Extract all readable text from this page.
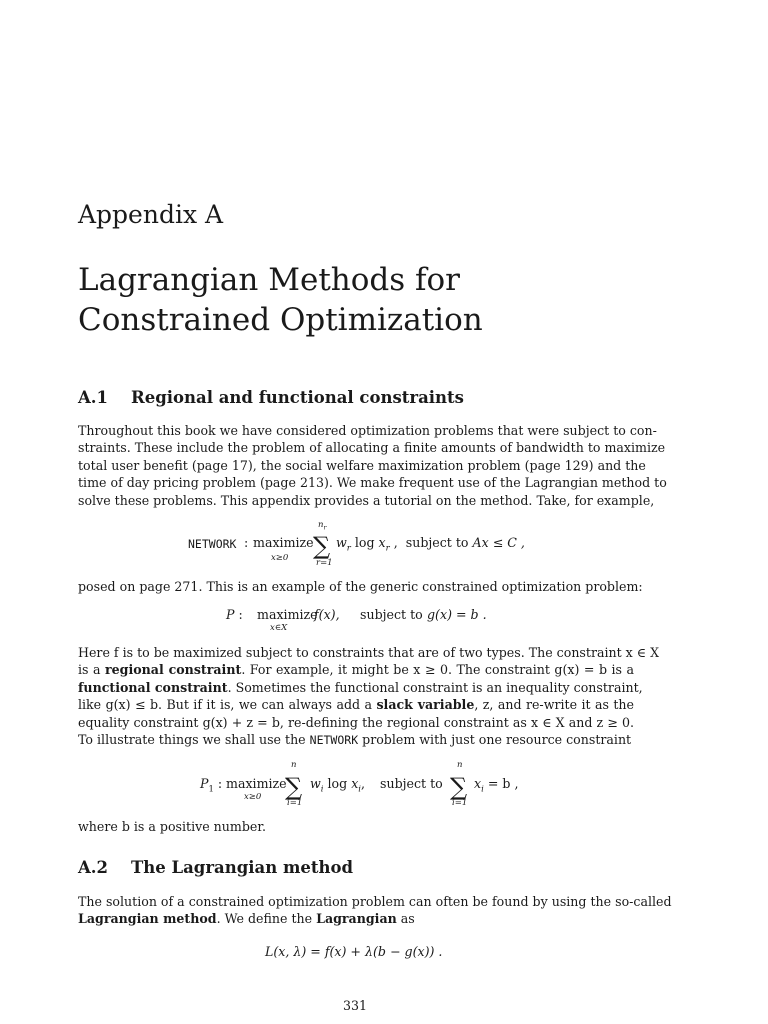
Appendix A
Lagrangian Methods for
Constrained Optimization
A.1 Regional and functional constraints
Throughout this book we have considered optimization problems that were subject to con-
straints. These include the problem of allocating a finite amounts of bandwidth to maximize
total user benefit (page 17), the social welfare maximization problem (page 129) and the
time of day pricing problem (page 213). We make frequent use of the Lagrangian method to
solve these problems. This appendix provides a tutorial on the method. Take, for example,
NETWORK : maximize
x≥0
$n_r$
∑
r=1
$w_r$ $\log x_r$ ,  subject to Ax ≤ C ,
posed on page 271. This is an example of the generic constrained optimization problem:
P : maximize
x∈X
f(x), subject to g(x) = b .
Here f is to be maximized subject to constraints that are of two types. The constraint x ∈ X
is a regional constraint. For example, it might be x ≥ 0. The constraint g(x) = b is a
functional constraint. Sometimes the functional constraint is an inequality constraint,
like g(x) ≤ b. But if it is, we can always add a slack variable, z, and re-write it as the
equality constraint g(x) + z = b, re-defining the regional constraint as x ∈ X and z ≥ 0.
To illustrate things we shall use the NETWORK problem with just one resource constraint
$P_1$ : maximize
x≥0
n
∑
i=1
$w_i$ $\log x_i$, subject to
n
∑
i=1
$x_i = b$ ,
where b is a positive number.
A.2 The Lagrangian method
The solution of a constrained optimization problem can often be found by using the so-called
Lagrangian method. We define the Lagrangian as
L(x, λ) = f(x) + λ(b − g(x)) .
331
